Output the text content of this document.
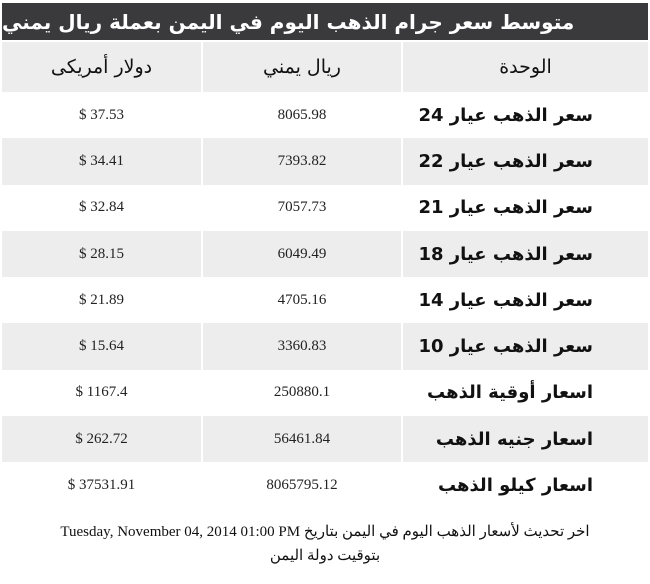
متوسط سعر جرام الذهب اليوم في اليمن بعملة ريال يمني
دولار أمريكى	ريال يمني	الوحدة
$ 37.53	8065.98	سعر الذهب عيار 24
$ 34.41	7393.82	سعر الذهب عيار 22
$ 32.84	7057.73	سعر الذهب عيار 21
$ 28.15	6049.49	سعر الذهب عيار 18
$ 21.89	4705.16	سعر الذهب عيار 14
$ 15.64	3360.83	سعر الذهب عيار 10
$ 1167.4	250880.1	اسعار أوقية الذهب
$ 262.72	56461.84	اسعار جنيه الذهب
$ 37531.91	8065795.12	اسعار كيلو الذهب
اخر تحديث لأسعار الذهب اليوم في اليمن بتاريخ Tuesday, November 04, 2014 01:00 PM
بتوقيت دولة اليمن
